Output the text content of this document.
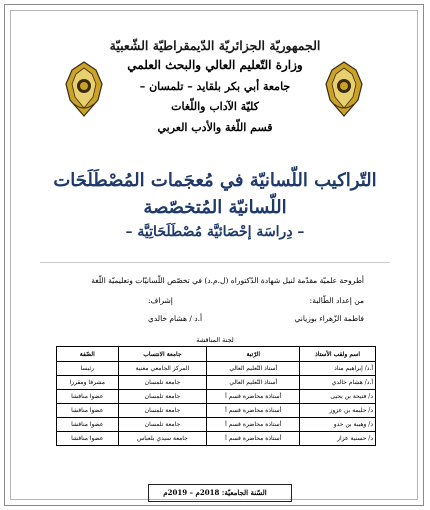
الجمهوريّة الجزائريّة الدّيمقراطيّة الشّعبيّة
وزارة التّعليم العالي والبحث العلمي
جامعة أبي بكر بلقايد – تلمسان –
كليّة الآداب واللّغات
قسم اللّغة والأدب العربي
التّراكيب اللّسانيّة في مُعجَمات المُصْطَلَحَات
اللّسانيّة المُتخصّصة
– دِراسَة إحْصَائيَّة مُصْطَلَحَاتِيَّة –
أطروحة علميّة مقدّمة لنيل شهادة الدّكتوراه (ل.م.د) في تخصّص اللّسانيّات وتعليميّة اللّغة
من إعداد الطّالبة:
فاطمة الزّهراء بوزياني
إشراف:
أ.د / هشام خالدي
لجنة المناقشة
اسم ولقب الأستاذ	الرّتبة	جامعة الانتساب	الصّفة
أ.د/ إبراهيم مناد	أستاذ التّعليم العالي	المركز الجامعي مغنية	رئيسا
أ.د/ هشام خالدي	أستاذ التّعليم العالي	جامعة تلمسان	مشرفا ومقررا
د/ فتيحة بن يحيى	أستاذة محاضرة قسم أ	جامعة تلمسان	عضوا مناقشا
د/ حليمة بن عزوز	أستاذة محاضرة قسم أ	جامعة تلمسان	عضوا مناقشا
د/ وهيبة بن حدو	أستاذة محاضرة قسم أ	جامعة تلمسان	عضوا مناقشا
د/ حسنية عزاز	أستاذة محاضرة قسم أ	جامعة سيدي بلعباس	عضوا مناقشا
السّنة الجامعيّة: 2018م – 2019م
